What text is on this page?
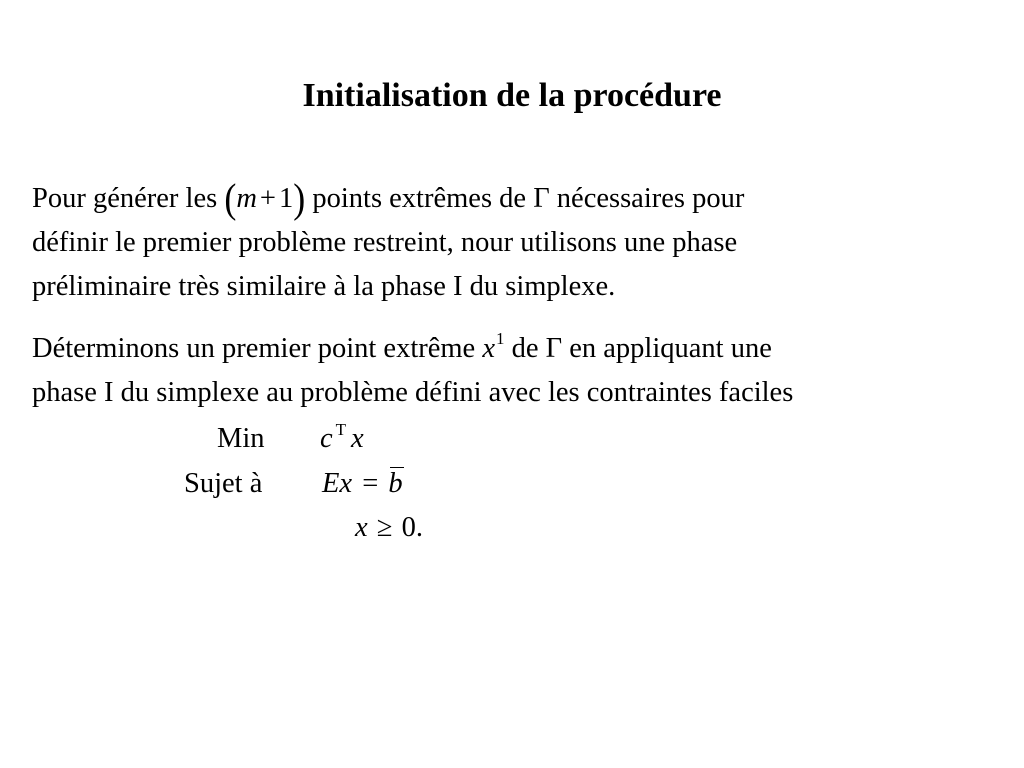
Initialisation de la procédure
Pour générer les (m + 1) points extrêmes de Γ nécessaires pour
définir le premier problème restreint, nour utilisons une phase
préliminaire très similaire à la phase I du simplexe.
Déterminons un premier point extrême $x^1$ de Γ en appliquant une
phase I du simplexe au problème défini avec les contraintes faciles
Min c $^T$ x
Sujet à Ex = b
x ≥ 0.
